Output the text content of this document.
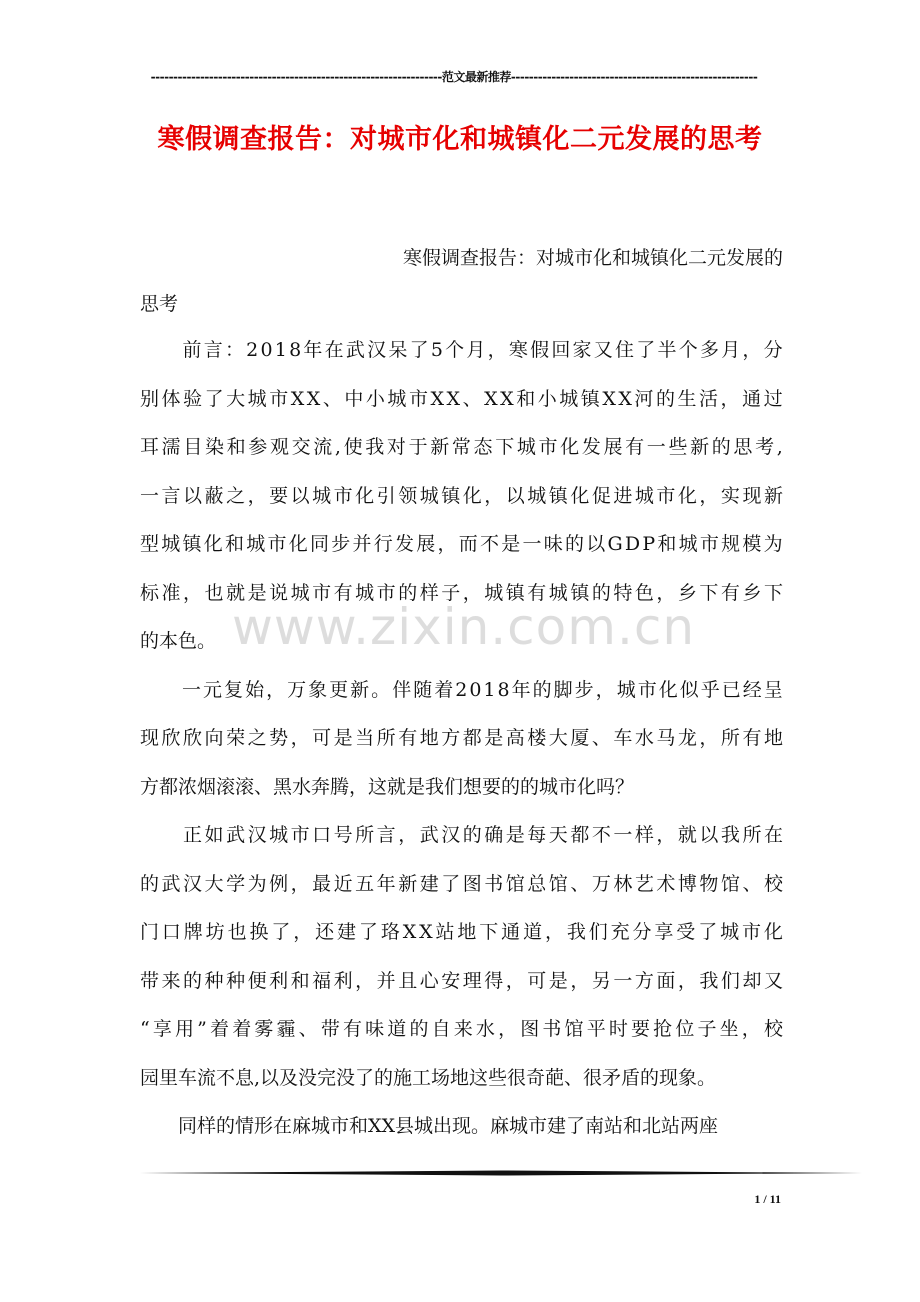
-----------------------------------------------------------------范文最新推荐-------------------------------------------------------
寒假调查报告：对城市化和城镇化二元发展的思考
寒假调查报告：对城市化和城镇化二元发展的
思考

前 言 ： 2 0 1 8 年 在 武 汉 呆 了 5 个 月 ， 寒 假 回 家 又 住 了 半 个 多 月 ， 分
别 体 验 了 大 城 市 X X 、 中 小 城 市 X X 、 X X 和 小 城 镇 X X 河 的 生 活 ， 通 过
耳 濡 目 染 和 参 观 交 流 , 使 我 对 于 新 常 态 下 城 市 化 发 展 有 一 些 新 的 思 考 ,
一 言 以 蔽 之 ， 要 以 城 市 化 引 领 城 镇 化 ， 以 城 镇 化 促 进 城 市 化 ， 实 现 新
型 城 镇 化 和 城 市 化 同 步 并 行 发 展 ， 而 不 是 一 味 的 以 G D P 和 城 市 规 模 为
标 准 ， 也 就 是 说 城 市 有 城 市 的 样 子 ， 城 镇 有 城 镇 的 特 色 ， 乡 下 有 乡 下
的本色。

一 元 复 始 ， 万 象 更 新 。 伴 随 着 2 0 1 8 年 的 脚 步 ， 城 市 化 似 乎 已 经 呈
现 欣 欣 向 荣 之 势 ， 可 是 当 所 有 地 方 都 是 高 楼 大 厦 、 车 水 马 龙 ， 所 有 地
方都浓烟滚滚、黑水奔腾，这就是我们想要的的城市化吗？

正 如 武 汉 城 市 口 号 所 言 ， 武 汉 的 确 是 每 天 都 不 一 样 ， 就 以 我 所 在
的 武 汉 大 学 为 例 ， 最 近 五 年 新 建 了 图 书 馆 总 馆 、 万 林 艺 术 博 物 馆 、 校
门 口 牌 坊 也 换 了 ， 还 建 了 珞 X X 站 地 下 通 道 ， 我 们 充 分 享 受 了 城 市 化
带 来 的 种 种 便 利 和 福 利 ， 并 且 心 安 理 得 ， 可 是 ， 另 一 方 面 ， 我 们 却 又
“ 享 用 ” 着 着 雾 霾 、 带 有 味 道 的 自 来 水 ， 图 书 馆 平 时 要 抢 位 子 坐 ， 校
园里车流不息,以及没完没了的施工场地这些很奇葩、很矛盾的现象。
　　同样的情形在麻城市和XX县城出现。麻城市建了南站和北站两座
www.zixin.com.cn
1 / 11
